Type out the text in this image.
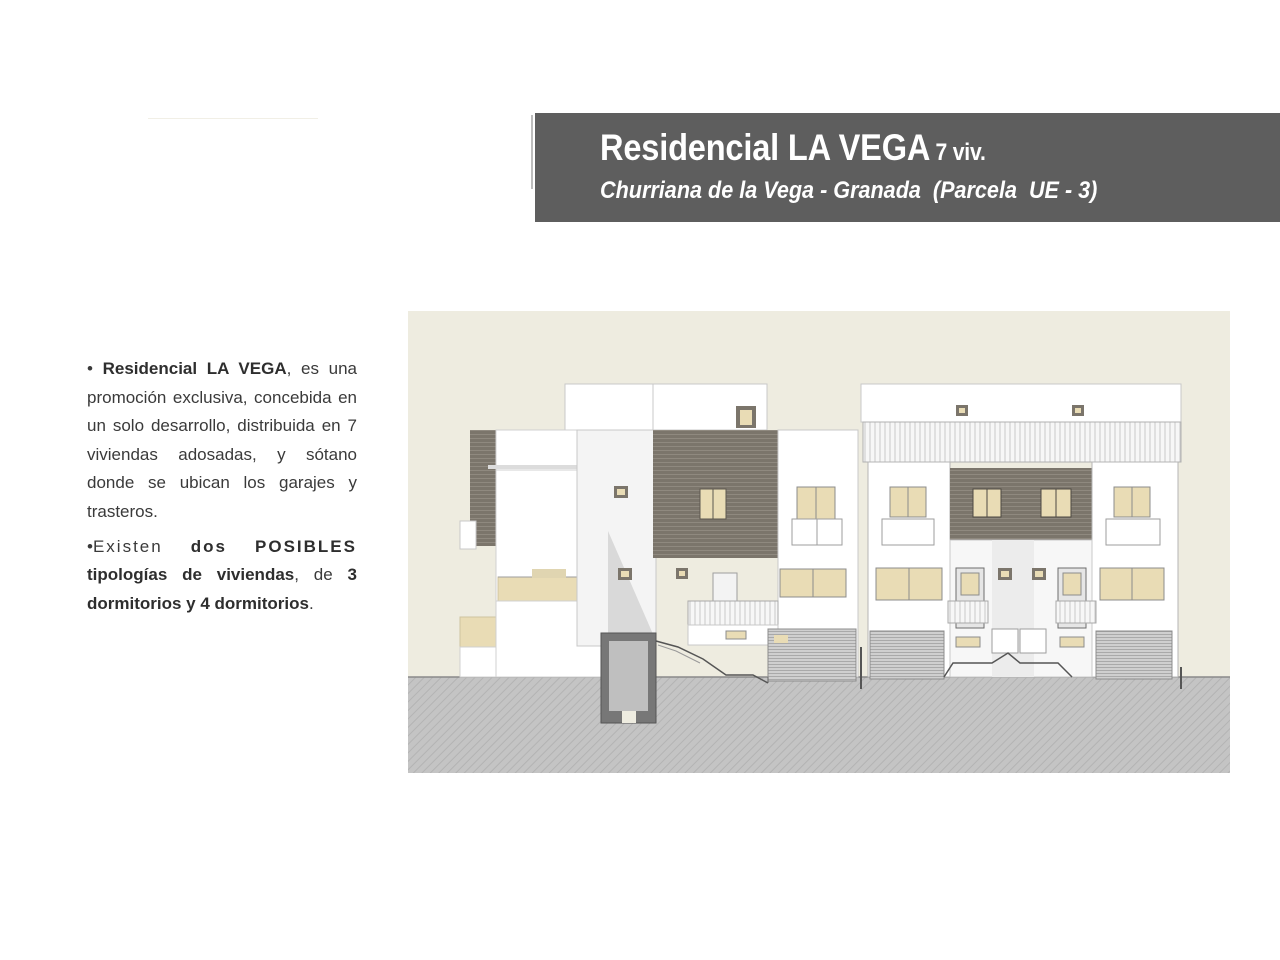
Residencial LA VEGA 7 viv.
Churriana de la Vega - Granada  (Parcela  UE - 3)

• Residencial LA VEGA, es una promoción exclusiva, concebida en un solo desarrollo, distribuida en 7 viviendas adosadas, y sótano donde se ubican los garajes y trasteros.

•Existen dos POSIBLES tipologías de viviendas, de 3 dormitorios y 4 dormitorios.
